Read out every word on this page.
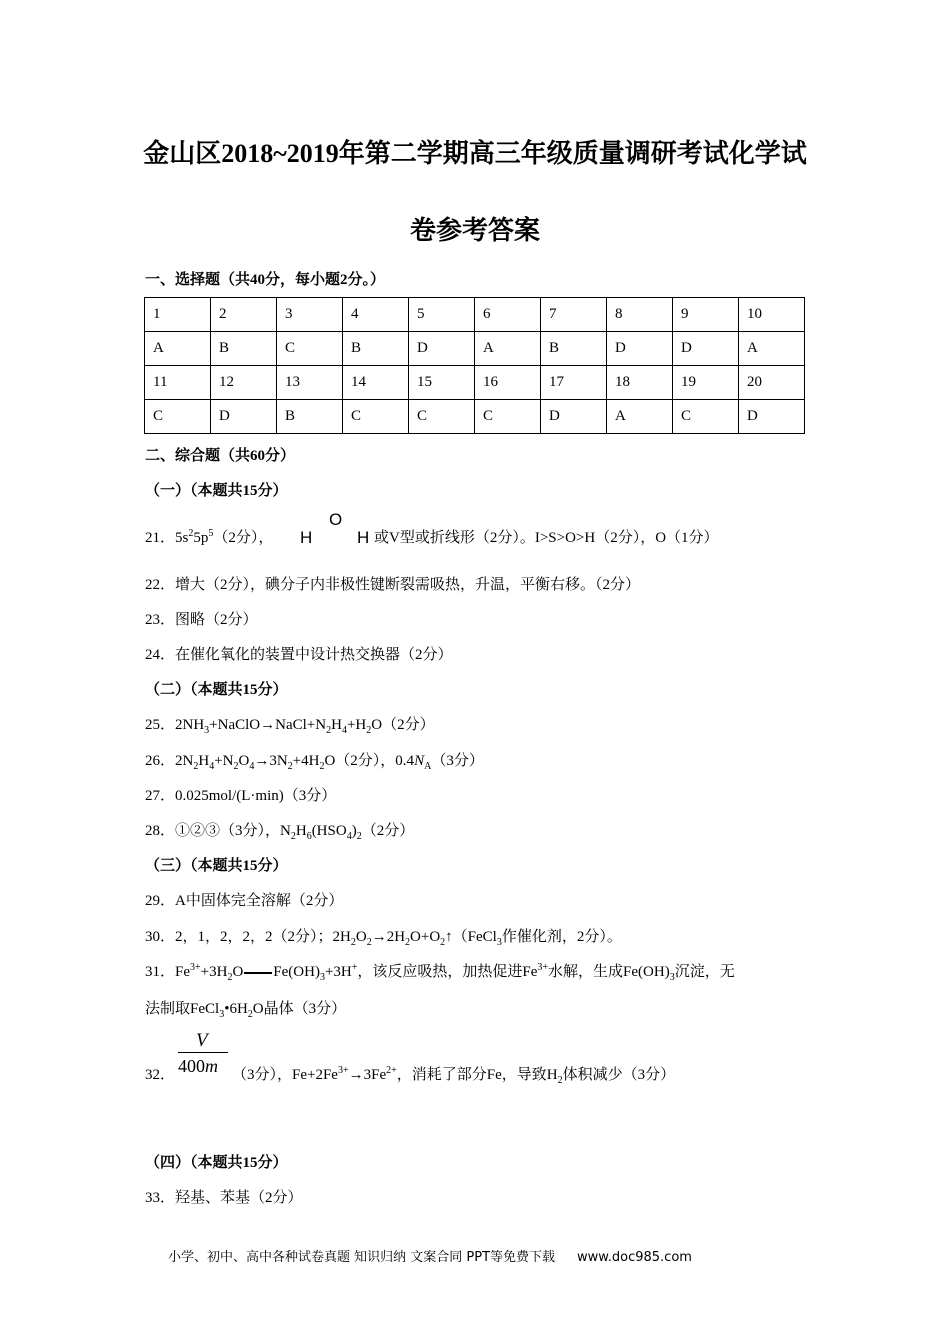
金山区2018~2019年第二学期高三年级质量调研考试化学试
卷参考答案
一、选择题（共40分，每小题2分。）
1	2	3	4	5	6	7	8	9	10
A	B	C	B	D	A	B	D	D	A
11	12	13	14	15	16	17	18	19	20
C	D	B	C	C	C	D	A	C	D
二、综合题（共60分）
（一）（本题共15分）
21．$5s^25p^5(2$分）， H
O
H 或V型或折线形（2分）。I>S>O>H（2分），O（1分）
22．增大（2分），碘分子内非极性键断裂需吸热，升温，平衡右移。（2分）
23．图略（2分）
24．在催化氧化的装置中设计热交换器（2分）
（二）（本题共15分）
25．$2NH_3+NaClO\to NaCl+N_2H_4+H_2O(2$分）
26．$2N_2H_4+N_2O_4\to 3N_2+4H_2O(2$分），$0.4N_A(3$分）
27．0.025mol/(L·min)（3分）
28．①②③（3分），$N_2H_6(HSO_4)_2(2$分）
（三）（本题共15分）
29．A中固体完全溶解（2分）
30．2，1，2，2，2（2分）；$2H_2O_2\to 2H_2O+O_2↑(FeCl_3$作催化剂，2分）。
31．$Fe^{3+}+3H_2O$ $Fe(OH)_3+3H^+$，该反应吸热，加热促进$Fe^{3+}$水解，生成$Fe(OH)_3$沉淀，无
法制取$FeCl_3•6H_2O$晶体（3分）
32．
V
400m （3分），$Fe+2Fe^{3+}\to 3Fe^{2+}$，消耗了部分Fe，导致$H_2$体积减少（3分）
（四）（本题共15分）
33．羟基、苯基（2分）
小学、初中、高中各种试卷真题 知识归纳 文案合同 PPT等免费下载 www.doc985.com
